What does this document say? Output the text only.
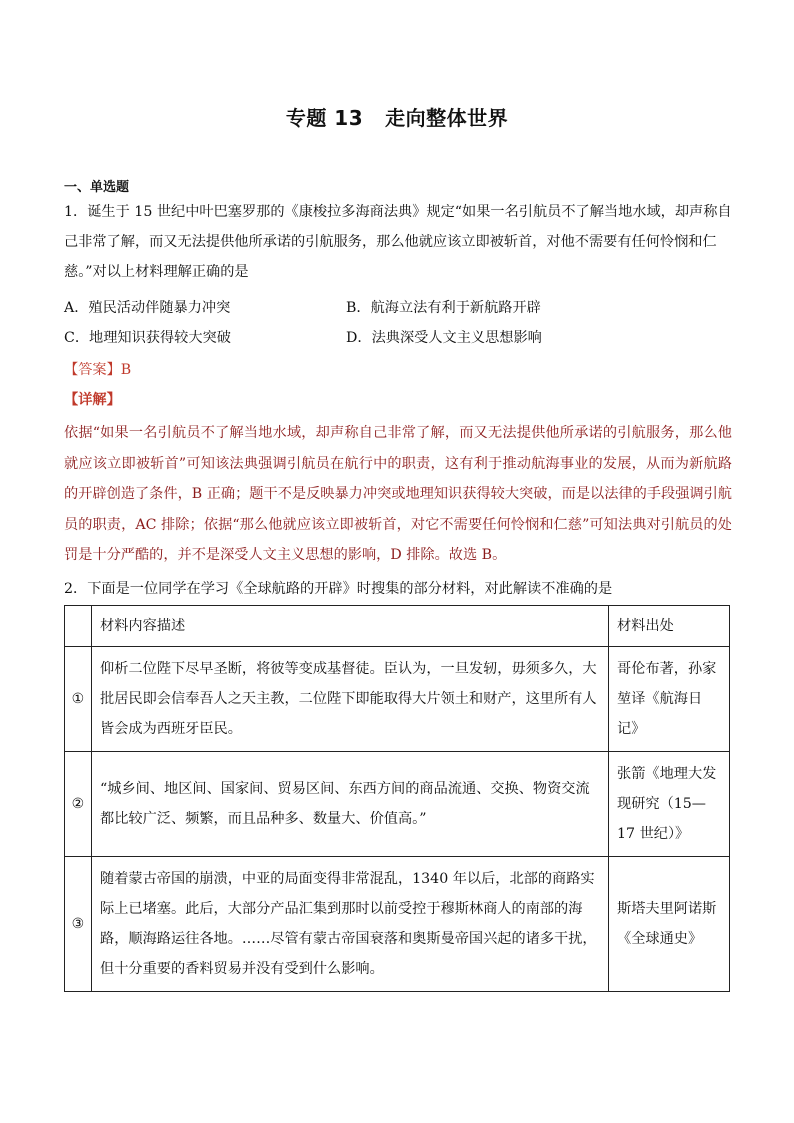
专题 13 走向整体世界
一、单选题
1．诞生于 15 世纪中叶巴塞罗那的《康梭拉多海商法典》规定“如果一名引航员不了解当地水域，却声称自己非常了解，而又无法提供他所承诺的引航服务，那么他就应该立即被斩首，对他不需要有任何怜悯和仁慈。”对以上材料理解正确的是
A．殖民活动伴随暴力冲突	B．航海立法有利于新航路开辟
C．地理知识获得较大突破	D．法典深受人文主义思想影响
【答案】B
【详解】
依据“如果一名引航员不了解当地水域，却声称自己非常了解，而又无法提供他所承诺的引航服务，那么他就应该立即被斩首”可知该法典强调引航员在航行中的职责，这有利于推动航海事业的发展，从而为新航路的开辟创造了条件，B 正确；题干不是反映暴力冲突或地理知识获得较大突破，而是以法律的手段强调引航员的职责，AC 排除；依据“那么他就应该立即被斩首，对它不需要任何怜悯和仁慈”可知法典对引航员的处罚是十分严酷的，并不是深受人文主义思想的影响，D 排除。故选 B。
2．下面是一位同学在学习《全球航路的开辟》时搜集的部分材料，对此解读不准确的是
	材料内容描述	材料出处
①	仰析二位陛下尽早圣断，将彼等变成基督徒。臣认为，一旦发轫，毋须多久，大批居民即会信奉吾人之天主教，二位陛下即能取得大片领土和财产，这里所有人皆会成为西班牙臣民。	哥伦布著，孙家堃译《航海日记》
②	“城乡间、地区间、国家间、贸易区间、东西方间的商品流通、交换、物资交流都比较广泛、频繁，而且品种多、数量大、价值高。”	张箭《地理大发现研究（15—17 世纪）》
③	随着蒙古帝国的崩溃，中亚的局面变得非常混乱，1340 年以后，北部的商路实际上已堵塞。此后，大部分产品汇集到那时以前受控于穆斯林商人的南部的海路，顺海路运往各地。……尽管有蒙古帝国衰落和奥斯曼帝国兴起的诸多干扰，但十分重要的香料贸易并没有受到什么影响。	斯塔夫里阿诺斯《全球通史》
